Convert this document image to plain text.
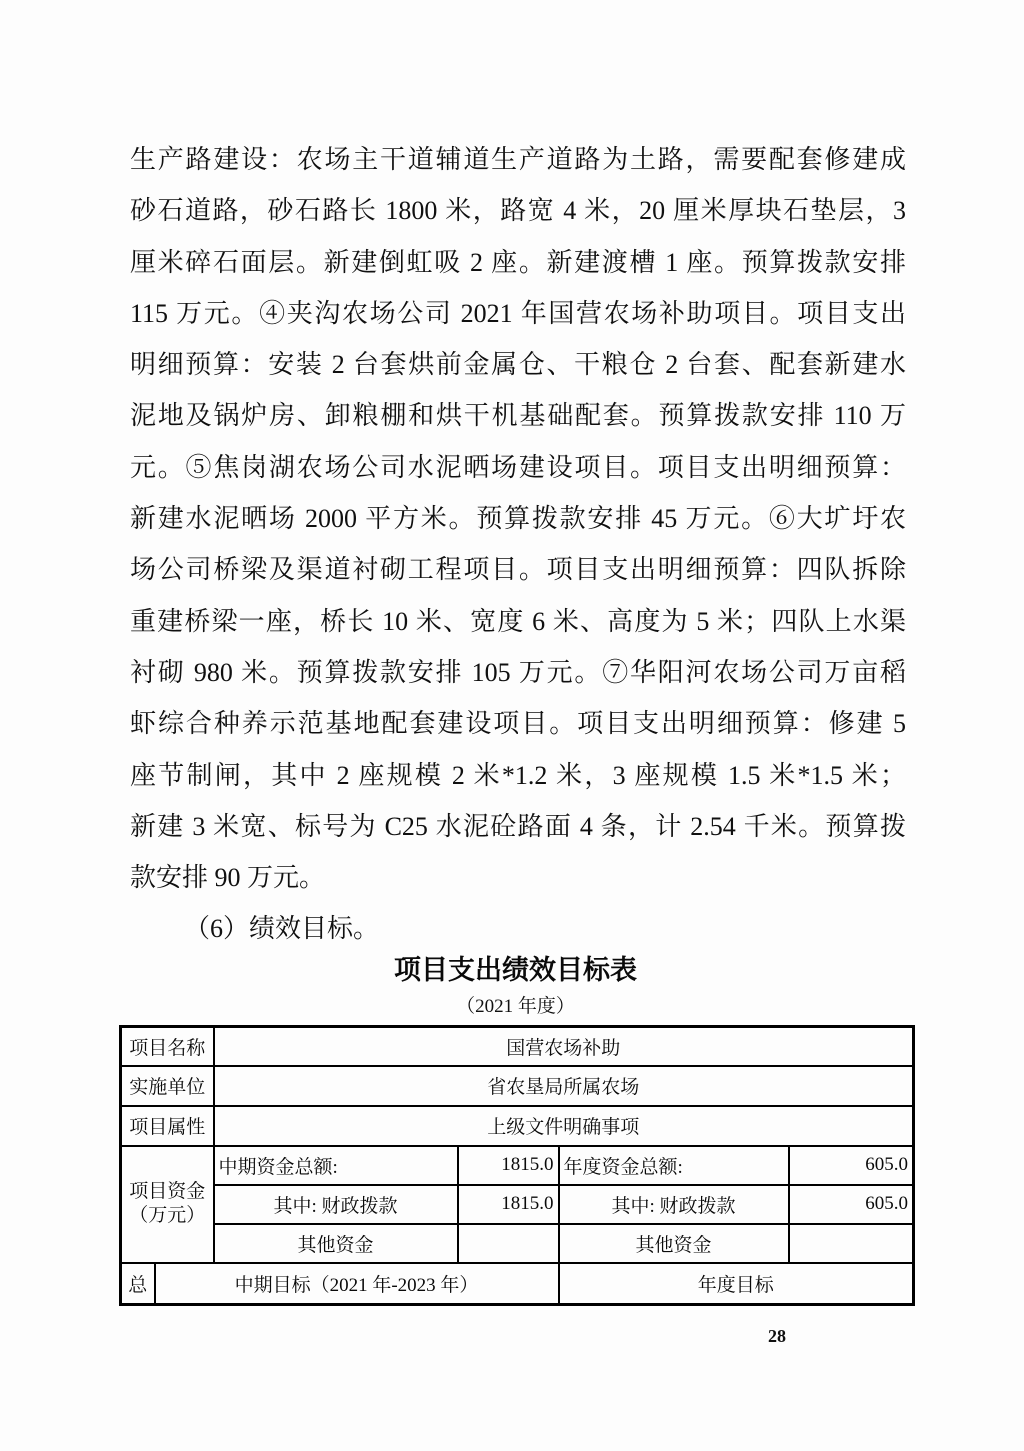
生产路建设：农场主干道辅道生产道路为土路，需要配套修建成
砂石道路，砂石路长 1800 米，路宽 4 米，20 厘米厚块石垫层，3
厘米碎石面层。新建倒虹吸 2 座。新建渡槽 1 座。预算拨款安排
115 万元。④夹沟农场公司 2021 年国营农场补助项目。项目支出
明细预算：安装 2 台套烘前金属仓、干粮仓 2 台套、配套新建水
泥地及锅炉房、卸粮棚和烘干机基础配套。预算拨款安排 110 万
元。⑤焦岗湖农场公司水泥晒场建设项目。项目支出明细预算：
新建水泥晒场 2000 平方米。预算拨款安排 45 万元。⑥大圹圩农
场公司桥梁及渠道衬砌工程项目。项目支出明细预算：四队拆除
重建桥梁一座，桥长 10 米、宽度 6 米、高度为 5 米；四队上水渠
衬砌 980 米。预算拨款安排 105 万元。⑦华阳河农场公司万亩稻
虾综合种养示范基地配套建设项目。项目支出明细预算：修建 5
座节制闸，其中 2 座规模 2 米*1.2 米，3 座规模 1.5 米*1.5 米；
新建 3 米宽、标号为 C25 水泥砼路面 4 条，计 2.54 千米。预算拨
款安排 90 万元。
（6）绩效目标。
项目支出绩效目标表
（2021 年度）
项目名称		国营农场补助			
实施单位		省农垦局所属农场			
项目属性		上级文件明确事项			

项目资金
（万元）		中期资金总额:	1815.0	年度资金总额:	605.0
		其中: 财政拨款	1815.0	其中: 财政拨款	605.0
		其他资金		其他资金	
总	中期目标（2021 年-2023 年）			年度目标	
28
